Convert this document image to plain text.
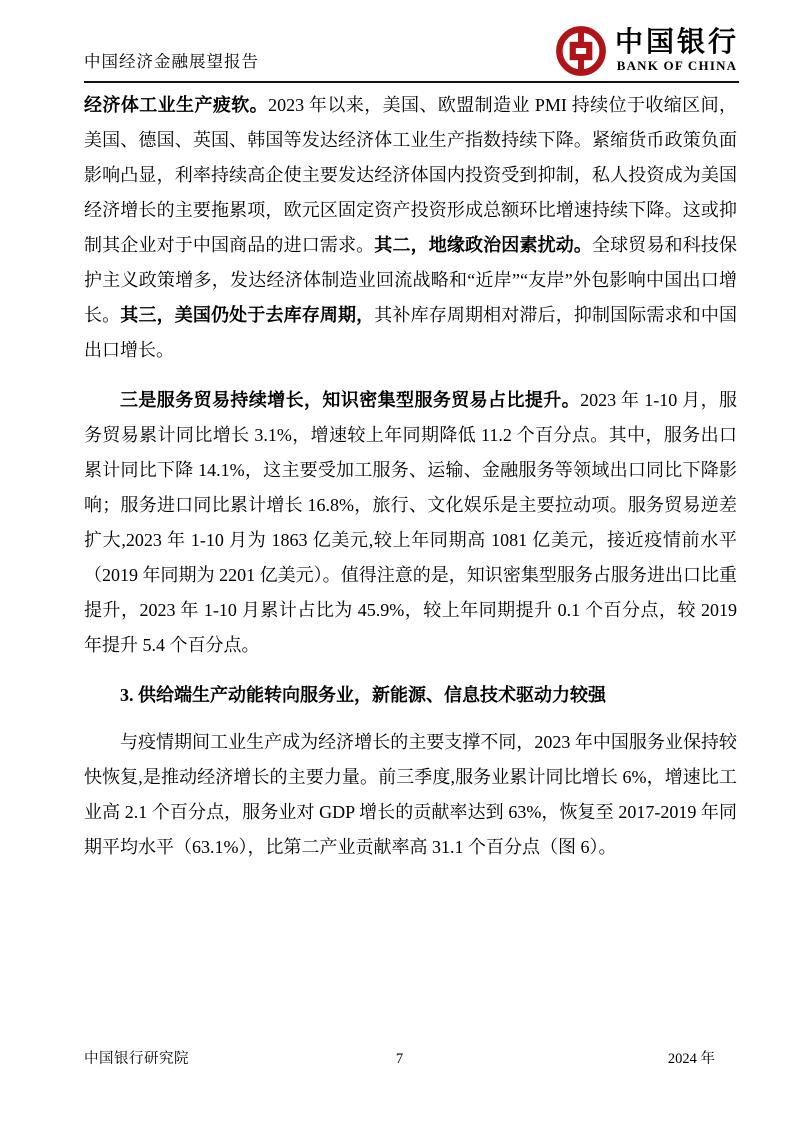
中国经济金融展望报告
中国银行
BANK OF CHINA

经济体工业生产疲软。2023 年以来，美国、欧盟制造业 PMI 持续位于收缩区间，美国、德国、英国、韩国等发达经济体工业生产指数持续下降。紧缩货币政策负面影响凸显，利率持续高企使主要发达经济体国内投资受到抑制，私人投资成为美国经济增长的主要拖累项，欧元区固定资产投资形成总额环比增速持续下降。这或抑制其企业对于中国商品的进口需求。其二，地缘政治因素扰动。全球贸易和科技保护主义政策增多，发达经济体制造业回流战略和“近岸”“友岸”外包影响中国出口增长。其三，美国仍处于去库存周期，其补库存周期相对滞后，抑制国际需求和中国出口增长。

三是服务贸易持续增长，知识密集型服务贸易占比提升。2023 年 1-10 月，服务贸易累计同比增长 3.1%，增速较上年同期降低 11.2 个百分点。其中，服务出口累计同比下降 14.1%，这主要受加工服务、运输、金融服务等领域出口同比下降影响；服务进口同比累计增长 16.8%，旅行、文化娱乐是主要拉动项。服务贸易逆差扩大,2023 年 1-10 月为 1863 亿美元,较上年同期高 1081 亿美元，接近疫情前水平（2019 年同期为 2201 亿美元）。值得注意的是，知识密集型服务占服务进出口比重提升，2023 年 1-10 月累计占比为 45.9%，较上年同期提升 0.1 个百分点，较 2019 年提升 5.4 个百分点。

3. 供给端生产动能转向服务业，新能源、信息技术驱动力较强

与疫情期间工业生产成为经济增长的主要支撑不同，2023 年中国服务业保持较快恢复,是推动经济增长的主要力量。前三季度,服务业累计同比增长 6%，增速比工业高 2.1 个百分点，服务业对 GDP 增长的贡献率达到 63%，恢复至 2017-2019 年同期平均水平（63.1%），比第二产业贡献率高 31.1 个百分点（图 6）。

中国银行研究院	7	2024 年
